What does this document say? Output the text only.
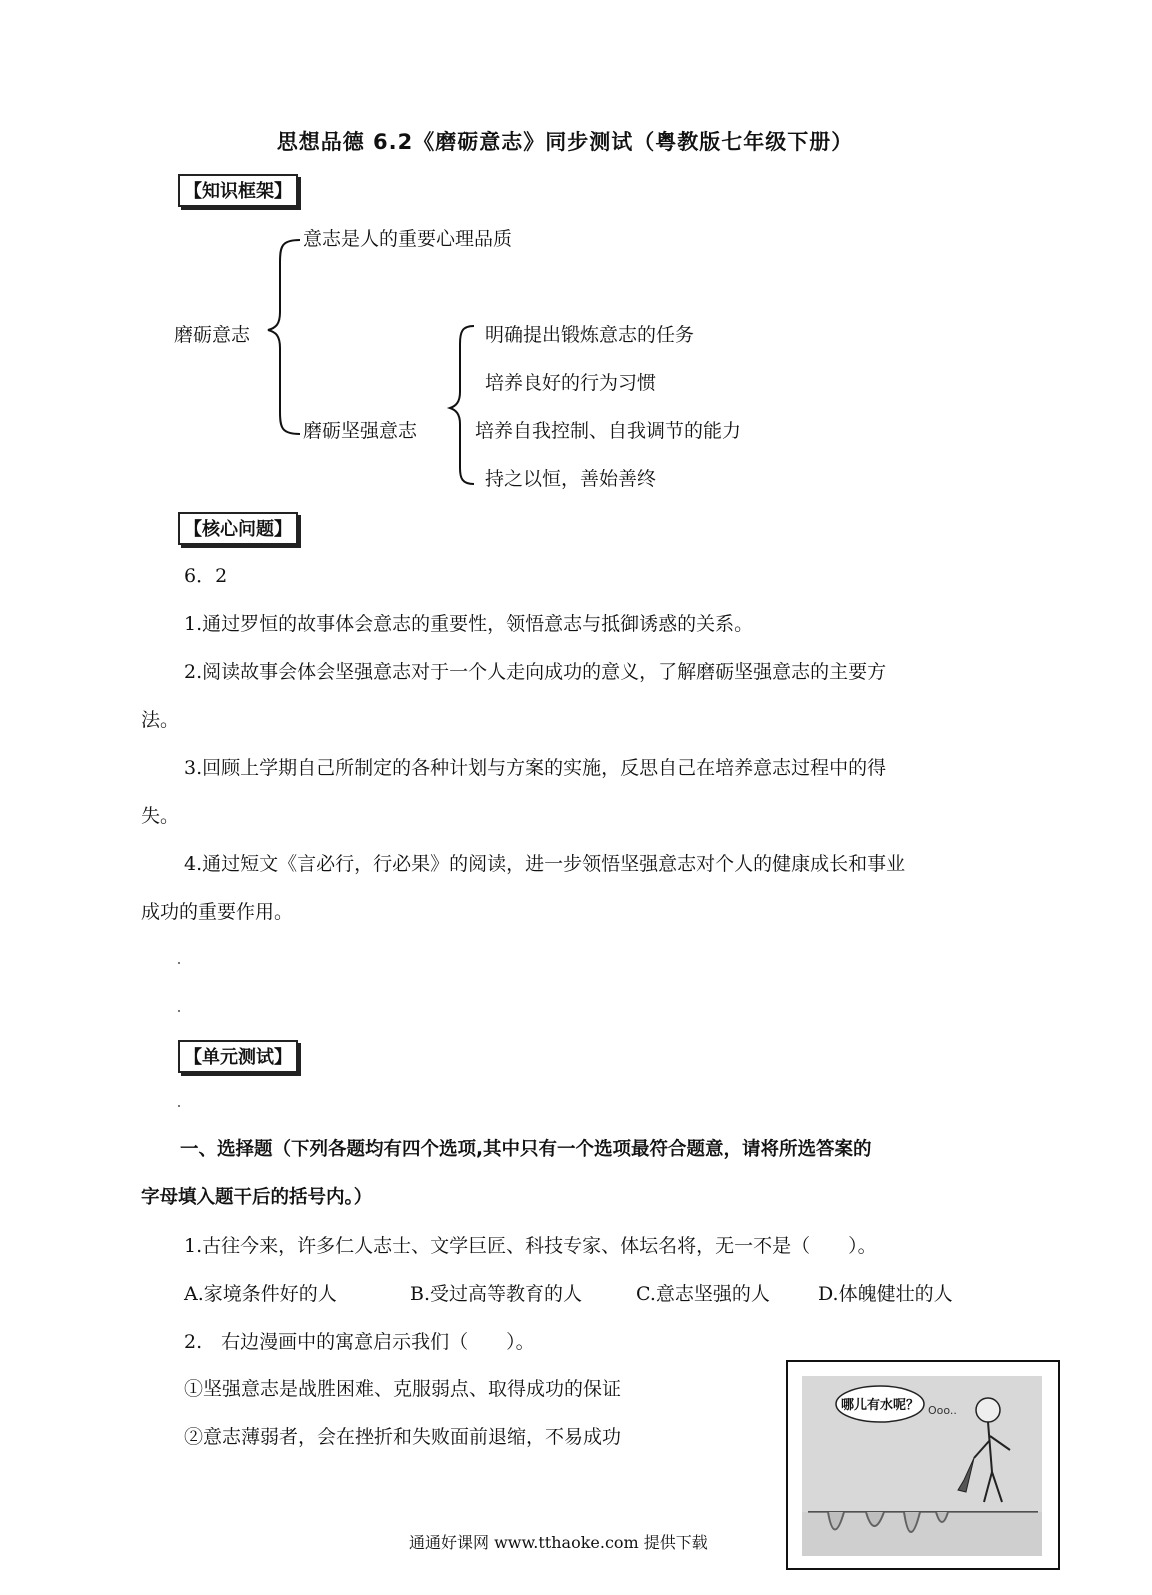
思想品德 6.2《磨砺意志》同步测试（粤教版七年级下册）
【知识框架】
磨砺意志
意志是人的重要心理品质
磨砺坚强意志
明确提出锻炼意志的任务
培养良好的行为习惯
培养自我控制、自我调节的能力
持之以恒，善始善终
【核心问题】
6．2
1.通过罗恒的故事体会意志的重要性，领悟意志与抵御诱惑的关系。
2.阅读故事会体会坚强意志对于一个人走向成功的意义，了解磨砺坚强意志的主要方
法。
3.回顾上学期自己所制定的各种计划与方案的实施，反思自己在培养意志过程中的得
失。
4.通过短文《言必行，行必果》的阅读，进一步领悟坚强意志对个人的健康成长和事业
成功的重要作用。
【单元测试】
一、选择题（下列各题均有四个选项,其中只有一个选项最符合题意，请将所选答案的
字母填入题干后的括号内。）
1.古往今来，许多仁人志士、文学巨匠、科技专家、体坛名将，无一不是（　　）。
A.家境条件好的人	B.受过高等教育的人	C.意志坚强的人	D.体魄健壮的人
2.　右边漫画中的寓意启示我们（　　）。
①坚强意志是战胜困难、克服弱点、取得成功的保证
②意志薄弱者，会在挫折和失败面前退缩，不易成功
哪儿有水呢？ Ooo..
通通好课网 www.tthaoke.com 提供下载
